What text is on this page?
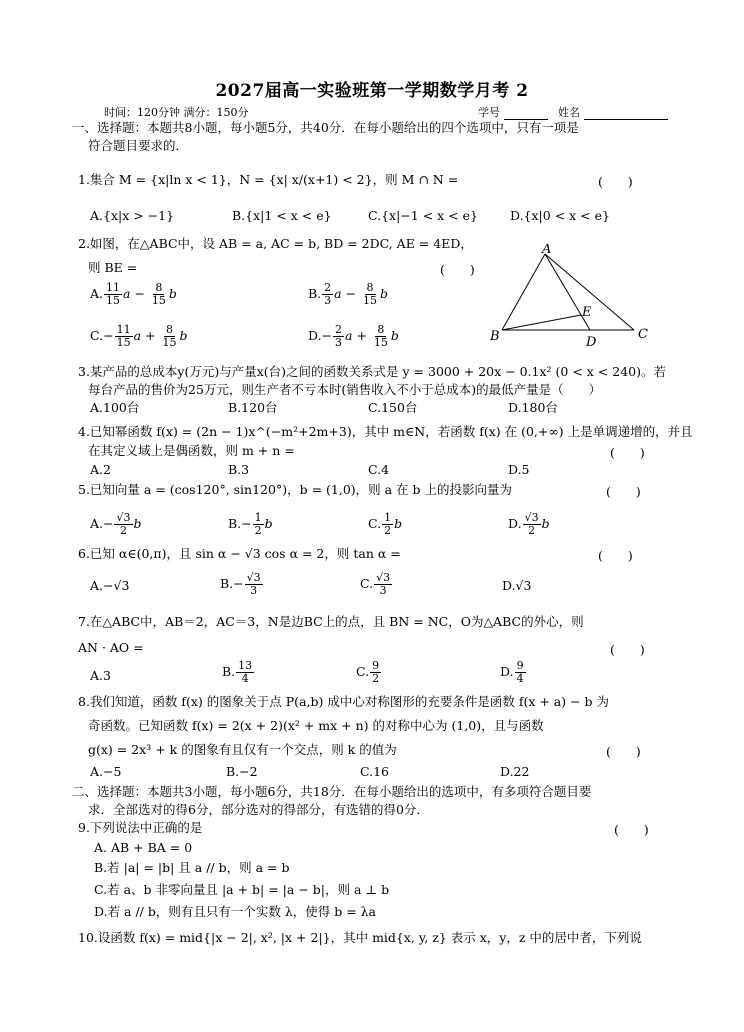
2027届高一实验班第一学期数学月考 2
时间：120分钟 满分：150分	学号	姓名
一、选择题：本题共8小题，每小题5分，共40分．在每小题给出的四个选项中，只有一项是
符合题目要求的．
1.集合 M = {x|ln x < 1}，N = {x| x/(x+1) < 2}，则 M ∩ N =	(　　)
A.{x|x > −1}	B.{x|1 < x < e}	C.{x|−1 < x < e}	D.{x|0 < x < e}
2.如图，在△ABC中，设 AB = a, AC = b, BD = 2DC, AE = 4ED，
则 BE =	(　　)
A. $\frac{11}{15}$ $a - \frac{8}{15}$ b	B. $\frac{2}{3}$ $a - \frac{8}{15}$ b
$C.- \frac{11}{15}$ $a + \frac{8}{15}$ b	$D.- \frac{2}{3}$ $a + \frac{8}{15}$ b
A
B	C
D
E
3.某产品的总成本y(万元)与产量x(台)之间的函数关系式是 y = 3000 + 20x − 0.1x² (0 < x < 240)。若
每台产品的售价为25万元，则生产者不亏本时(销售收入不小于总成本)的最低产量是（　　）
A.100台	B.120台	C.150台	D.180台
4.已知幂函数 f(x) = (2n − 1)x^(−m²+2m+3)，其中 m∈N，若函数 f(x) 在 (0,+∞) 上是单调递增的，并且
在其定义域上是偶函数，则 m + n =	(　　)
A.2	B.3	C.4	D.5
5.已知向量 a = (cos120°, sin120°)，b = (1,0)，则 a 在 b 上的投影向量为	(　　)
$A.- \frac{√3}{2}$ b	$B.- \frac{1}{2}$ b	C. $\frac{1}{2}$ b	D. $\frac{√3}{2}$ b
6.已知 α∈(0,π)，且 sin α − √3 cos α = 2，则 tan α =	(　　)
A.−√3	$B.- \frac{√3}{3}$	C. $\frac{√3}{3}$	D.√3
7.在△ABC中，AB＝2，AC＝3，N是边BC上的点，且 BN = NC，O为△ABC的外心，则
AN · AO =	(　　)
A.3	B. $\frac{13}{4}$	C. $\frac{9}{2}$	D. $\frac{9}{4}$
8.我们知道，函数 f(x) 的图象关于点 P(a,b) 成中心对称图形的充要条件是函数 f(x + a) − b 为
奇函数。已知函数 f(x) = 2(x + 2)(x² + mx + n) 的对称中心为 (1,0)，且与函数
g(x) = 2x³ + k 的图象有且仅有一个交点，则 k 的值为	(　　)
A.−5	B.−2	C.16	D.22
二、选择题：本题共3小题，每小题6分，共18分．在每小题给出的选项中，有多项符合题目要
求．全部选对的得6分，部分选对的得部分，有选错的得0分．
9.下列说法中正确的是	(　　)
A. AB + BA = 0
B.若 |a| = |b| 且 a // b，则 a = b
C.若 a、b 非零向量且 |a + b| = |a − b|，则 a ⊥ b
D.若 a // b，则有且只有一个实数 λ，使得 b = λa
10.设函数 f(x) = mid{|x − 2|, x², |x + 2|}，其中 mid{x, y, z} 表示 x，y，z 中的居中者，下列说
